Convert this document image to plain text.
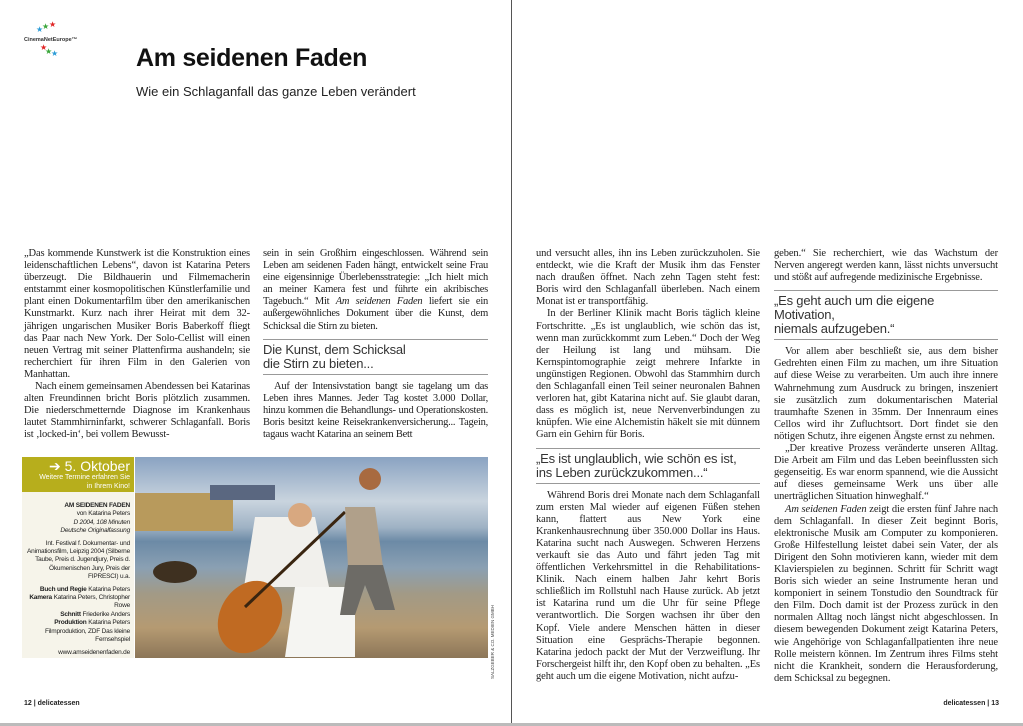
★
★ ★
★
★
★
CinemaNetEurope™
Am seidenen Faden
Wie ein Schlaganfall das ganze Leben verändert

„Das kommende Kunstwerk ist die Konstruktion eines leidenschaftlichen Lebens“, davon ist Katarina Peters überzeugt. Die Bildhauerin und Filmemacherin entstammt einer kosmopolitischen Künstlerfamilie und plant einen Dokumentarfilm über den amerikanischen Kunstmarkt. Kurz nach ihrer Heirat mit dem 32-jährigen ungarischen Musiker Boris Baberkoff fliegt das Paar nach New York. Der Solo-Cellist will einen neuen Vertrag mit seiner Plattenfirma aushandeln; sie recherchiert für ihren Film in den Galerien von Manhattan.

Nach einem gemeinsamen Abendessen bei Katarinas alten Freundinnen bricht Boris plötzlich zusammen. Die niederschmetternde Diagnose im Krankenhaus lautet Stammhirninfarkt, schwerer Schlaganfall. Boris ist ‚locked-in‘, bei vollem Bewusst-

sein in sein Großhirn eingeschlossen. Während sein Leben am seidenen Faden hängt, entwickelt seine Frau eine eigensinnige Überlebensstrategie: „Ich hielt mich an meiner Kamera fest und führte ein akribisches Tagebuch.“ Mit Am seidenen Faden liefert sie ein außergewöhnliches Dokument über die Kunst, dem Schicksal die Stirn zu bieten.

Die Kunst, dem Schicksal
die Stirn zu bieten...

Auf der Intensivstation bangt sie tagelang um das Leben ihres Mannes. Jeder Tag kostet 3.000 Dollar, hinzu kommen die Behandlungs- und Operationskosten. Boris besitzt keine Reisekrankenversicherung... Tagein, tagaus wacht Katarina an seinem Bett

und versucht alles, ihn ins Leben zurückzuholen. Sie entdeckt, wie die Kraft der Musik ihm das Fenster nach draußen öffnet. Nach zehn Tagen steht fest: Boris wird den Schlaganfall überleben. Nach einem Monat ist er transportfähig.

In der Berliner Klinik macht Boris täglich kleine Fortschritte. „Es ist unglaublich, wie schön das ist, wenn man zurückkommt zum Leben.“ Doch der Weg der Heilung ist lang und mühsam. Die Kernspintomographie zeigt mehrere Infarkte in ungünstigen Regionen. Obwohl das Stammhirn durch den Schlaganfall einen Teil seiner neuronalen Bahnen verloren hat, gibt Katarina nicht auf. Sie glaubt daran, dass es möglich ist, neue Nervenverbindungen zu knüpfen. Wie eine Alchemistin häkelt sie mit dünnem Garn ein Gehirn für Boris.

„Es ist unglaublich, wie schön es ist,
ins Leben zurückzukommen...“

Während Boris drei Monate nach dem Schlaganfall zum ersten Mal wieder auf eigenen Füßen stehen kann, flattert aus New York eine Krankenhausrechnung über 350.000 Dollar ins Haus. Katarina sucht nach Auswegen. Schweren Herzens verkauft sie das Auto und fährt jeden Tag mit öffentlichen Verkehrsmittel in die Rehabilitations-Klinik. Nach einem halben Jahr kehrt Boris schließlich im Rollstuhl nach Hause zurück. Ab jetzt ist Katarina rund um die Uhr für seine Pflege verantwortlich. Die Sorgen wachsen ihr über den Kopf. Viele andere Menschen hätten in dieser Situation eine Gesprächs-Therapie begonnen. Katarina jedoch packt der Mut der Verzweiflung. Ihr Forschergeist hilft ihr, den Kopf oben zu behalten. „Es geht auch um die eigene Motivation, nicht aufzu-

geben.“ Sie recherchiert, wie das Wachstum der Nerven angeregt werden kann, lässt nichts unversucht und stößt auf aufregende medizinische Ergebnisse.

„Es geht auch um die eigene Motivation,
niemals aufzugeben.“

Vor allem aber beschließt sie, aus dem bisher Gedrehten einen Film zu machen, um ihre Situation auf diese Weise zu verarbeiten. Um auch ihre innere Wahrnehmung zum Ausdruck zu bringen, inszeniert sie zusätzlich zum dokumentarischen Material traumhafte Szenen in 35mm. Der Innenraum eines Cellos wird ihr Zufluchtsort. Dort findet sie den nötigen Schutz, ihre eigenen Ängste ernst zu nehmen.

„Der kreative Prozess veränderte unseren Alltag. Die Arbeit am Film und das Leben beeinflussten sich gegenseitig. Es war enorm spannend, wie die Aussicht auf dieses gemeinsame Werk uns über alle unerträglichen Situation hinweghalf.“

Am seidenen Faden zeigt die ersten fünf Jahre nach dem Schlaganfall. In dieser Zeit beginnt Boris, elektronische Musik am Computer zu komponieren. Große Hilfestellung leistet dabei sein Vater, der als Dirigent den Sohn motivieren kann, wieder mit dem Klavierspielen zu beginnen. Schritt für Schritt wagt Boris sich wieder an seine Instrumente heran und komponiert in seinem Tonstudio den Soundtrack für den Film. Doch damit ist der Prozess zurück in den normalen Alltag noch längst nicht abgeschlossen. In diesem bewegenden Dokument zeigt Katarina Peters, wie Angehörige von Schlaganfallpatienten ihre neue Rolle meistern können. Im Zentrum ihres Films steht nicht die Krankheit, sondern die Herausforderung, dem Schicksal zu begegnen.

➔ 5. Oktober
Weitere Termine erfahren Sie
in Ihrem Kino!
AM SEIDENEN FADEN
von Katarina Peters
D 2004, 108 Minuten
Deutsche Originalfassung
Int. Festival f. Dokumentar- und Animationsfilm, Leipzig 2004 (Silberne Taube, Preis d. Jugendjury, Preis d. Ökumenischen Jury, Preis der FIPRESCI) u.a.
Buch und Regie Katarina Peters
Kamera Katarina Peters, Christopher Rowe
Schnitt Friederike Anders
Produktion Katarina Peters Filmproduktion, ZDF Das kleine Fernsehspiel
www.amseidenenfaden.de	SALZGEBER & CO. MEDIEN GMBH
12 | delicatessen	delicatessen | 13
